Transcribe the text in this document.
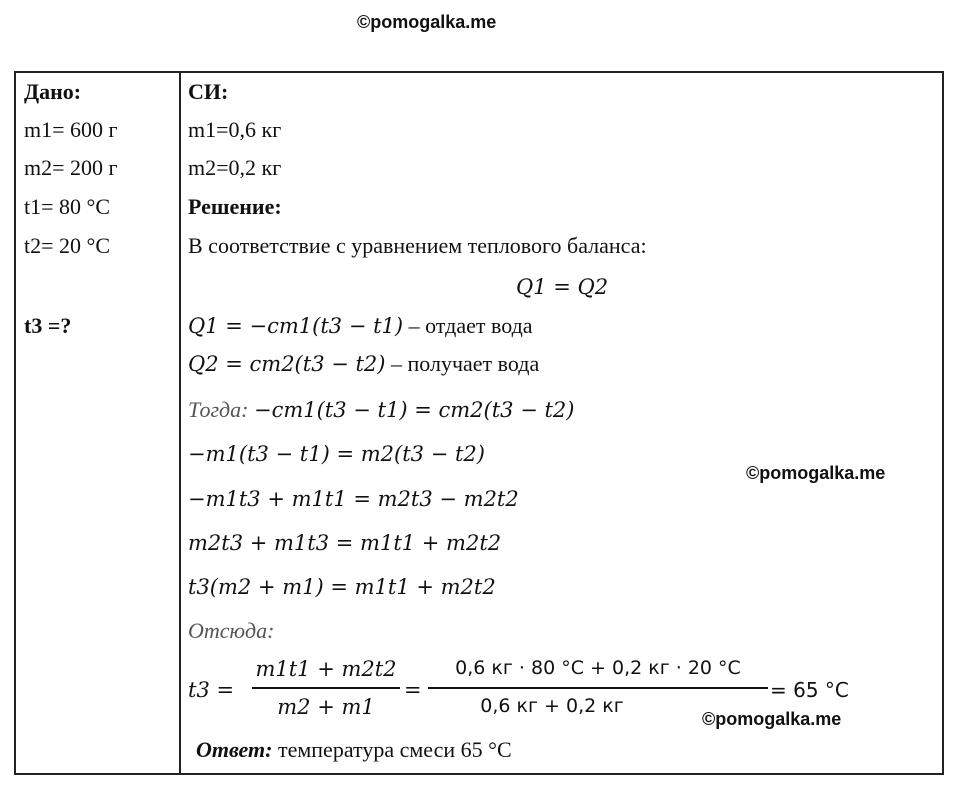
©pomogalka.me
Дано:
m1= 600 г
m2= 200 г
t1= 80 °C
t2= 20 °C
t3 =?
СИ:
m1=0,6 кг
m2=0,2 кг
Решение:
В соответствие с уравнением теплового баланса:
Q1 = Q2
Q1 = −cm1(t3 − t1) – отдает вода
Q2 = cm2(t3 − t2) – получает вода
Тогда: −cm1(t3 − t1) = cm2(t3 − t2)
−m1(t3 − t1) = m2(t3 − t2)
©pomogalka.me
−m1t3 + m1t1 = m2t3 − m2t2
m2t3 + m1t3 = m1t1 + m2t2
t3(m2 + m1) = m1t1 + m2t2
Отсюда:
t3 =
m1t1 + m2t2
m2 + m1
=
0,6 кг · 80 °C + 0,2 кг · 20 °C
0,6 кг + 0,2 кг
©pomogalka.me
= 65 °C
Ответ: температура смеси 65 °C
